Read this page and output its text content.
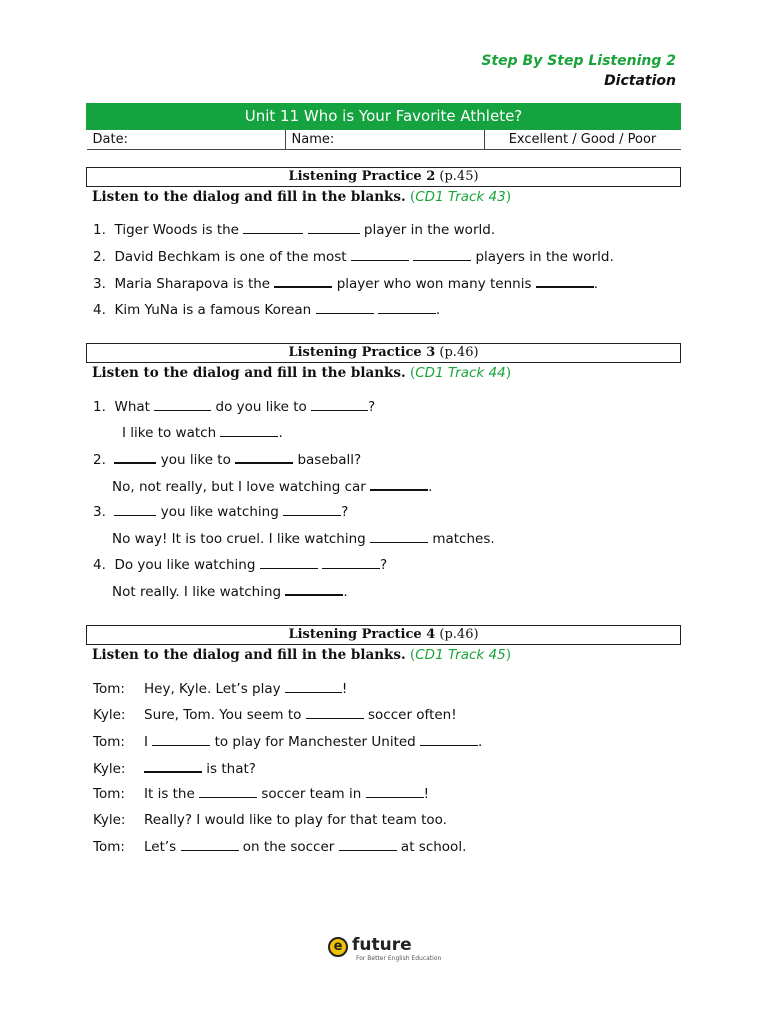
Step By Step Listening 2
Dictation
Unit 11 Who is Your Favorite Athlete?
Date:	Name:	Excellent / Good / Poor
Listening Practice 2 (p.45)
Listen to the dialog and fill in the blanks. (CD1 Track 43)
1. Tiger Woods is the	player in the world.
2. David Bechkam is one of the most	players in the world.
3. Maria Sharapova is the	player who won many tennis	.
4. Kim YuNa is a famous Korean	.
Listening Practice 3 (p.46)
Listen to the dialog and fill in the blanks. (CD1 Track 44)
1. What	do you like to	?
I like to watch	.
2.	you like to	baseball?
No, not really, but I love watching car	.
3.	you like watching	?
No way! It is too cruel. I like watching	matches.
4. Do you like watching	?
Not really. I like watching	.
Listening Practice 4 (p.46)
Listen to the dialog and fill in the blanks. (CD1 Track 45)
Tom: Hey, Kyle. Let’s play	!
Kyle: Sure, Tom. You seem to	soccer often!
Tom: I	to play for Manchester United	.
Kyle:	is that?
Tom: It is the	soccer team in	!
Kyle: Really? I would like to play for that team too.
Tom: Let’s	on the soccer	at school.
e future
For Better English Education
